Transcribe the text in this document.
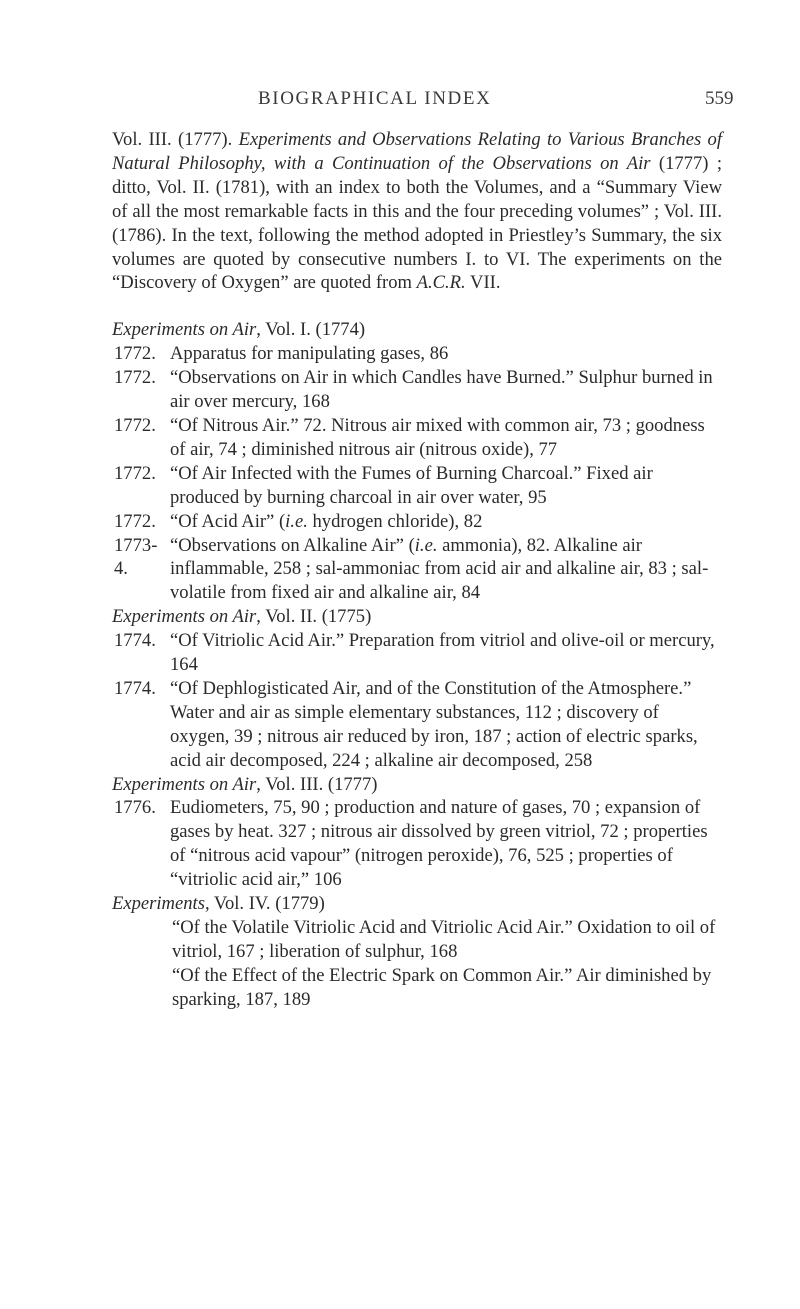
BIOGRAPHICAL INDEX	559

Vol. III. (1777). Experiments and Observations Relating to Various Branches of Natural Philosophy, with a Continuation of the Observations on Air (1777) ; ditto, Vol. II. (1781), with an index to both the Volumes, and a “Summary View of all the most remarkable facts in this and the four preceding volumes” ; Vol. III. (1786). In the text, following the method adopted in Priestley’s Summary, the six volumes are quoted by consecutive numbers I. to VI. The experiments on the “Discovery of Oxygen” are quoted from A.C.R. VII.

Experiments on Air, Vol. I. (1774)

1772. Apparatus for manipulating gases, 86
1772. “Observations on Air in which Candles have Burned.” Sulphur burned in air over mercury, 168
1772. “Of Nitrous Air.” 72. Nitrous air mixed with common air, 73 ; goodness of air, 74 ; diminished nitrous air (nitrous oxide), 77
1772. “Of Air Infected with the Fumes of Burning Charcoal.” Fixed air produced by burning charcoal in air over water, 95
1772. “Of Acid Air” (i.e. hydrogen chloride), 82
1773-4.
“Observations on Alkaline Air” (i.e. ammonia), 82. Alkaline air inflammable, 258 ; sal-ammoniac from acid air and alkaline air, 83 ; sal-volatile from fixed air and alkaline air, 84

Experiments on Air, Vol. II. (1775)

1774. “Of Vitriolic Acid Air.” Preparation from vitriol and olive-oil or mercury, 164
1774. “Of Dephlogisticated Air, and of the Constitution of the Atmosphere.” Water and air as simple elementary substances, 112 ; discovery of oxygen, 39 ; nitrous air reduced by iron, 187 ; action of electric sparks, acid air decomposed, 224 ; alkaline air decomposed, 258

Experiments on Air, Vol. III. (1777)

1776. Eudiometers, 75, 90 ; production and nature of gases, 70 ; expansion of gases by heat. 327 ; nitrous air dissolved by green vitriol, 72 ; properties of “nitrous acid vapour” (nitrogen peroxide), 76, 525 ; properties of “vitriolic acid air,” 106

Experiments, Vol. IV. (1779)

“Of the Volatile Vitriolic Acid and Vitriolic Acid Air.” Oxidation to oil of vitriol, 167 ; liberation of sulphur, 168
“Of the Effect of the Electric Spark on Common Air.” Air diminished by sparking, 187, 189
